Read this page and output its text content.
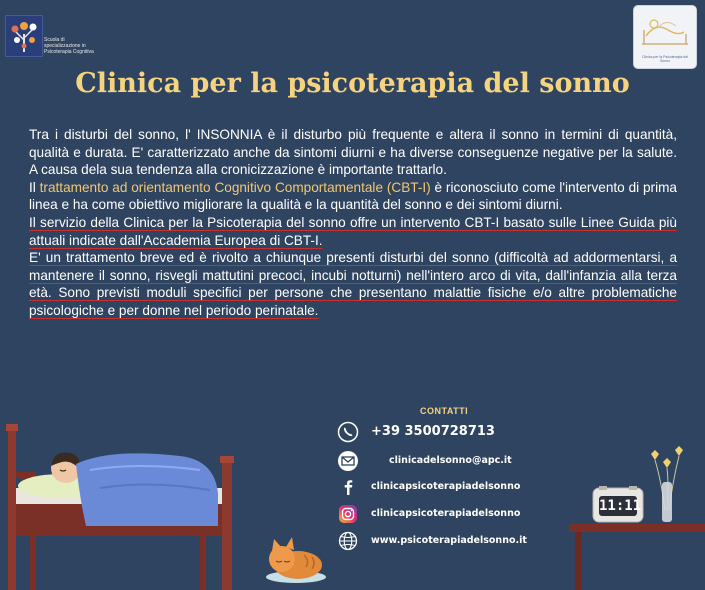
Scuola di
specializzazione in
Psicoterapia Cognitiva
Clinica per la Psicoterapia del Sonno
Clinica per la psicoterapia del sonno

Tra i disturbi del sonno, l' INSONNIA è il disturbo più frequente e altera il sonno in termini di quantità, qualità e durata. E' caratterizzato anche da sintomi diurni e ha diverse conseguenze negative per la salute. A causa dela sua tendenza alla cronicizzazione è importante trattarlo.

Il trattamento ad orientamento Cognitivo Comportamentale (CBT-I) è riconosciuto come l'intervento di prima linea e ha come obiettivo migliorare la qualità e la quantità del sonno e dei sintomi diurni.

Il servizio della Clinica per la Psicoterapia del sonno offre un intervento CBT-I basato sulle Linee Guida più attuali indicate dall'Accademia Europea di CBT-I.

E' un trattamento breve ed è rivolto a chiunque presenti disturbi del sonno (difficoltà ad addormentarsi, a mantenere il sonno, risvegli mattutini precoci, incubi notturni) nell'intero arco di vita, dall'infanzia alla terza età. Sono previsti moduli specifici per persone che presentano malattie fisiche e/o altre problematiche psicologiche e per donne nel periodo perinatale.

CONTATTI
+39 3500728713
clinicadelsonno@apc.it
clinicapsicoterapiadelsonno
clinicapsicoterapiadelsonno
www.psicoterapiadelsonno.it
11:11
